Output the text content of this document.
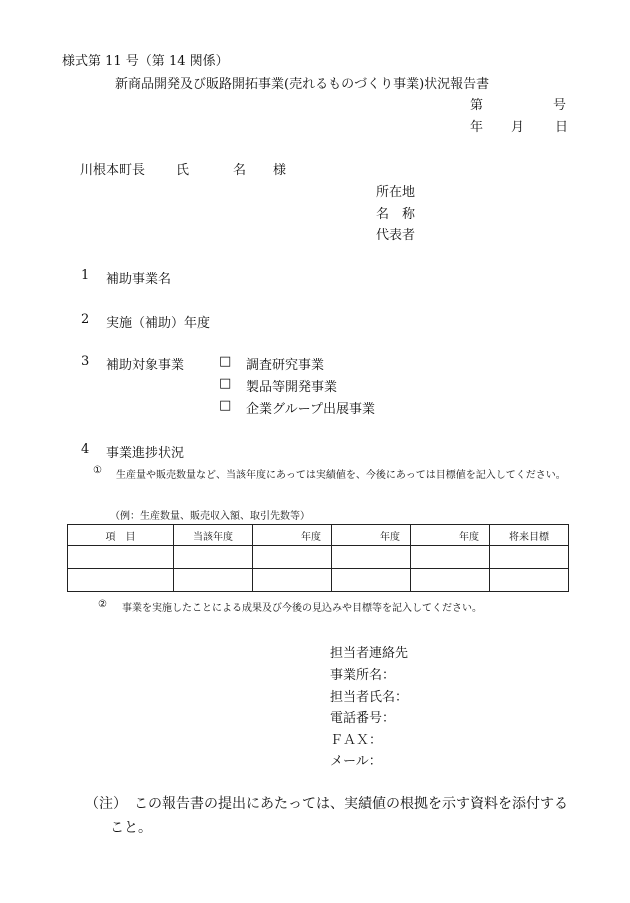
様式第 11 号（第 14 関係）
新商品開発及び販路開拓事業(売れるものづくり事業)状況報告書
第	号
年 月 日
川根本町長 氏	名 様
所在地
名　称
代表者
1 補助事業名
2 実施（補助）年度
3 補助対象事業	□ 調査研究事業
□ 製品等開発事業
□ 企業グループ出展事業
4 事業進捗状況
①	生産量や販売数量など、当該年度にあっては実績値を、今後にあっては目標値を記入してください。
（例：生産数量、販売収入額、取引先数等）
項　目	当該年度	年度	年度	年度	将来目標

② 事業を実施したことによる成果及び今後の見込みや目標等を記入してください。
担当者連絡先
事業所名：
担当者氏名：
電話番号：
ＦＡＸ：
メール：
（注） この報告書の提出にあたっては、実績値の根拠を示す資料を添付する
こと。
